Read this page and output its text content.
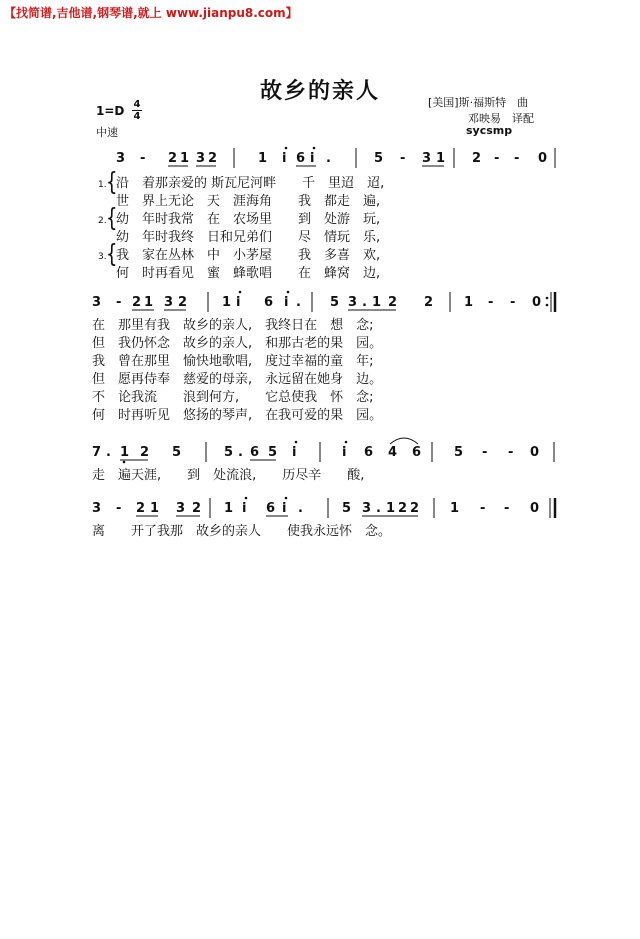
【找简谱,吉他谱,钢琴谱,就上 www.jianpu8.com】
故乡的亲人	[美国]斯·福斯特　曲
邓映易　译配
sycsmp
1=D 4
4
中速
3 - 2 1 3 2	1 i 6 i .	5 - 3 1 2 - - 0
1.
2.
3.
{
{
{
沿　着那亲爱的 斯瓦尼河畔　　千　里迢　迢,
世　界上无论　天　涯海角　　我　都走　遍,
幼　年时我常　在　农场里　　到　处游　玩,
幼　年时我终　日和兄弟们　　尽　情玩　乐,
我　家在丛林　中　小茅屋　　我　多喜　欢,
何　时再看见　蜜　蜂歌唱　　在　蜂窝　边,
3 - 2 1 3 2	1 i 6 i . 5 3 . 1 2 2 1 - - 0
在　那里有我　故乡的亲人,　我终日在　想　念;
但　我仍怀念　故乡的亲人,　和那古老的果　园。
我　曾在那里　愉快地歌唱,　度过幸福的童　年;
但　愿再侍奉　慈爱的母亲,　永远留在她身　边。
不　论我流　　浪到何方,　　它总使我　怀　念;
何　时再听见　悠扬的琴声,　在我可爱的果　园。
7 . 1 2 5	5 . 6 5 i	i 6 4 6	5 - - 0
走　遍天涯,　　到　处流浪,　　历尽辛　　酸,
3 - 2 1 3 2 1 i 6 i .	5 3 . 1 2 2 1 - - 0
离　　开了我那　故乡的亲人　　使我永远怀　念。
